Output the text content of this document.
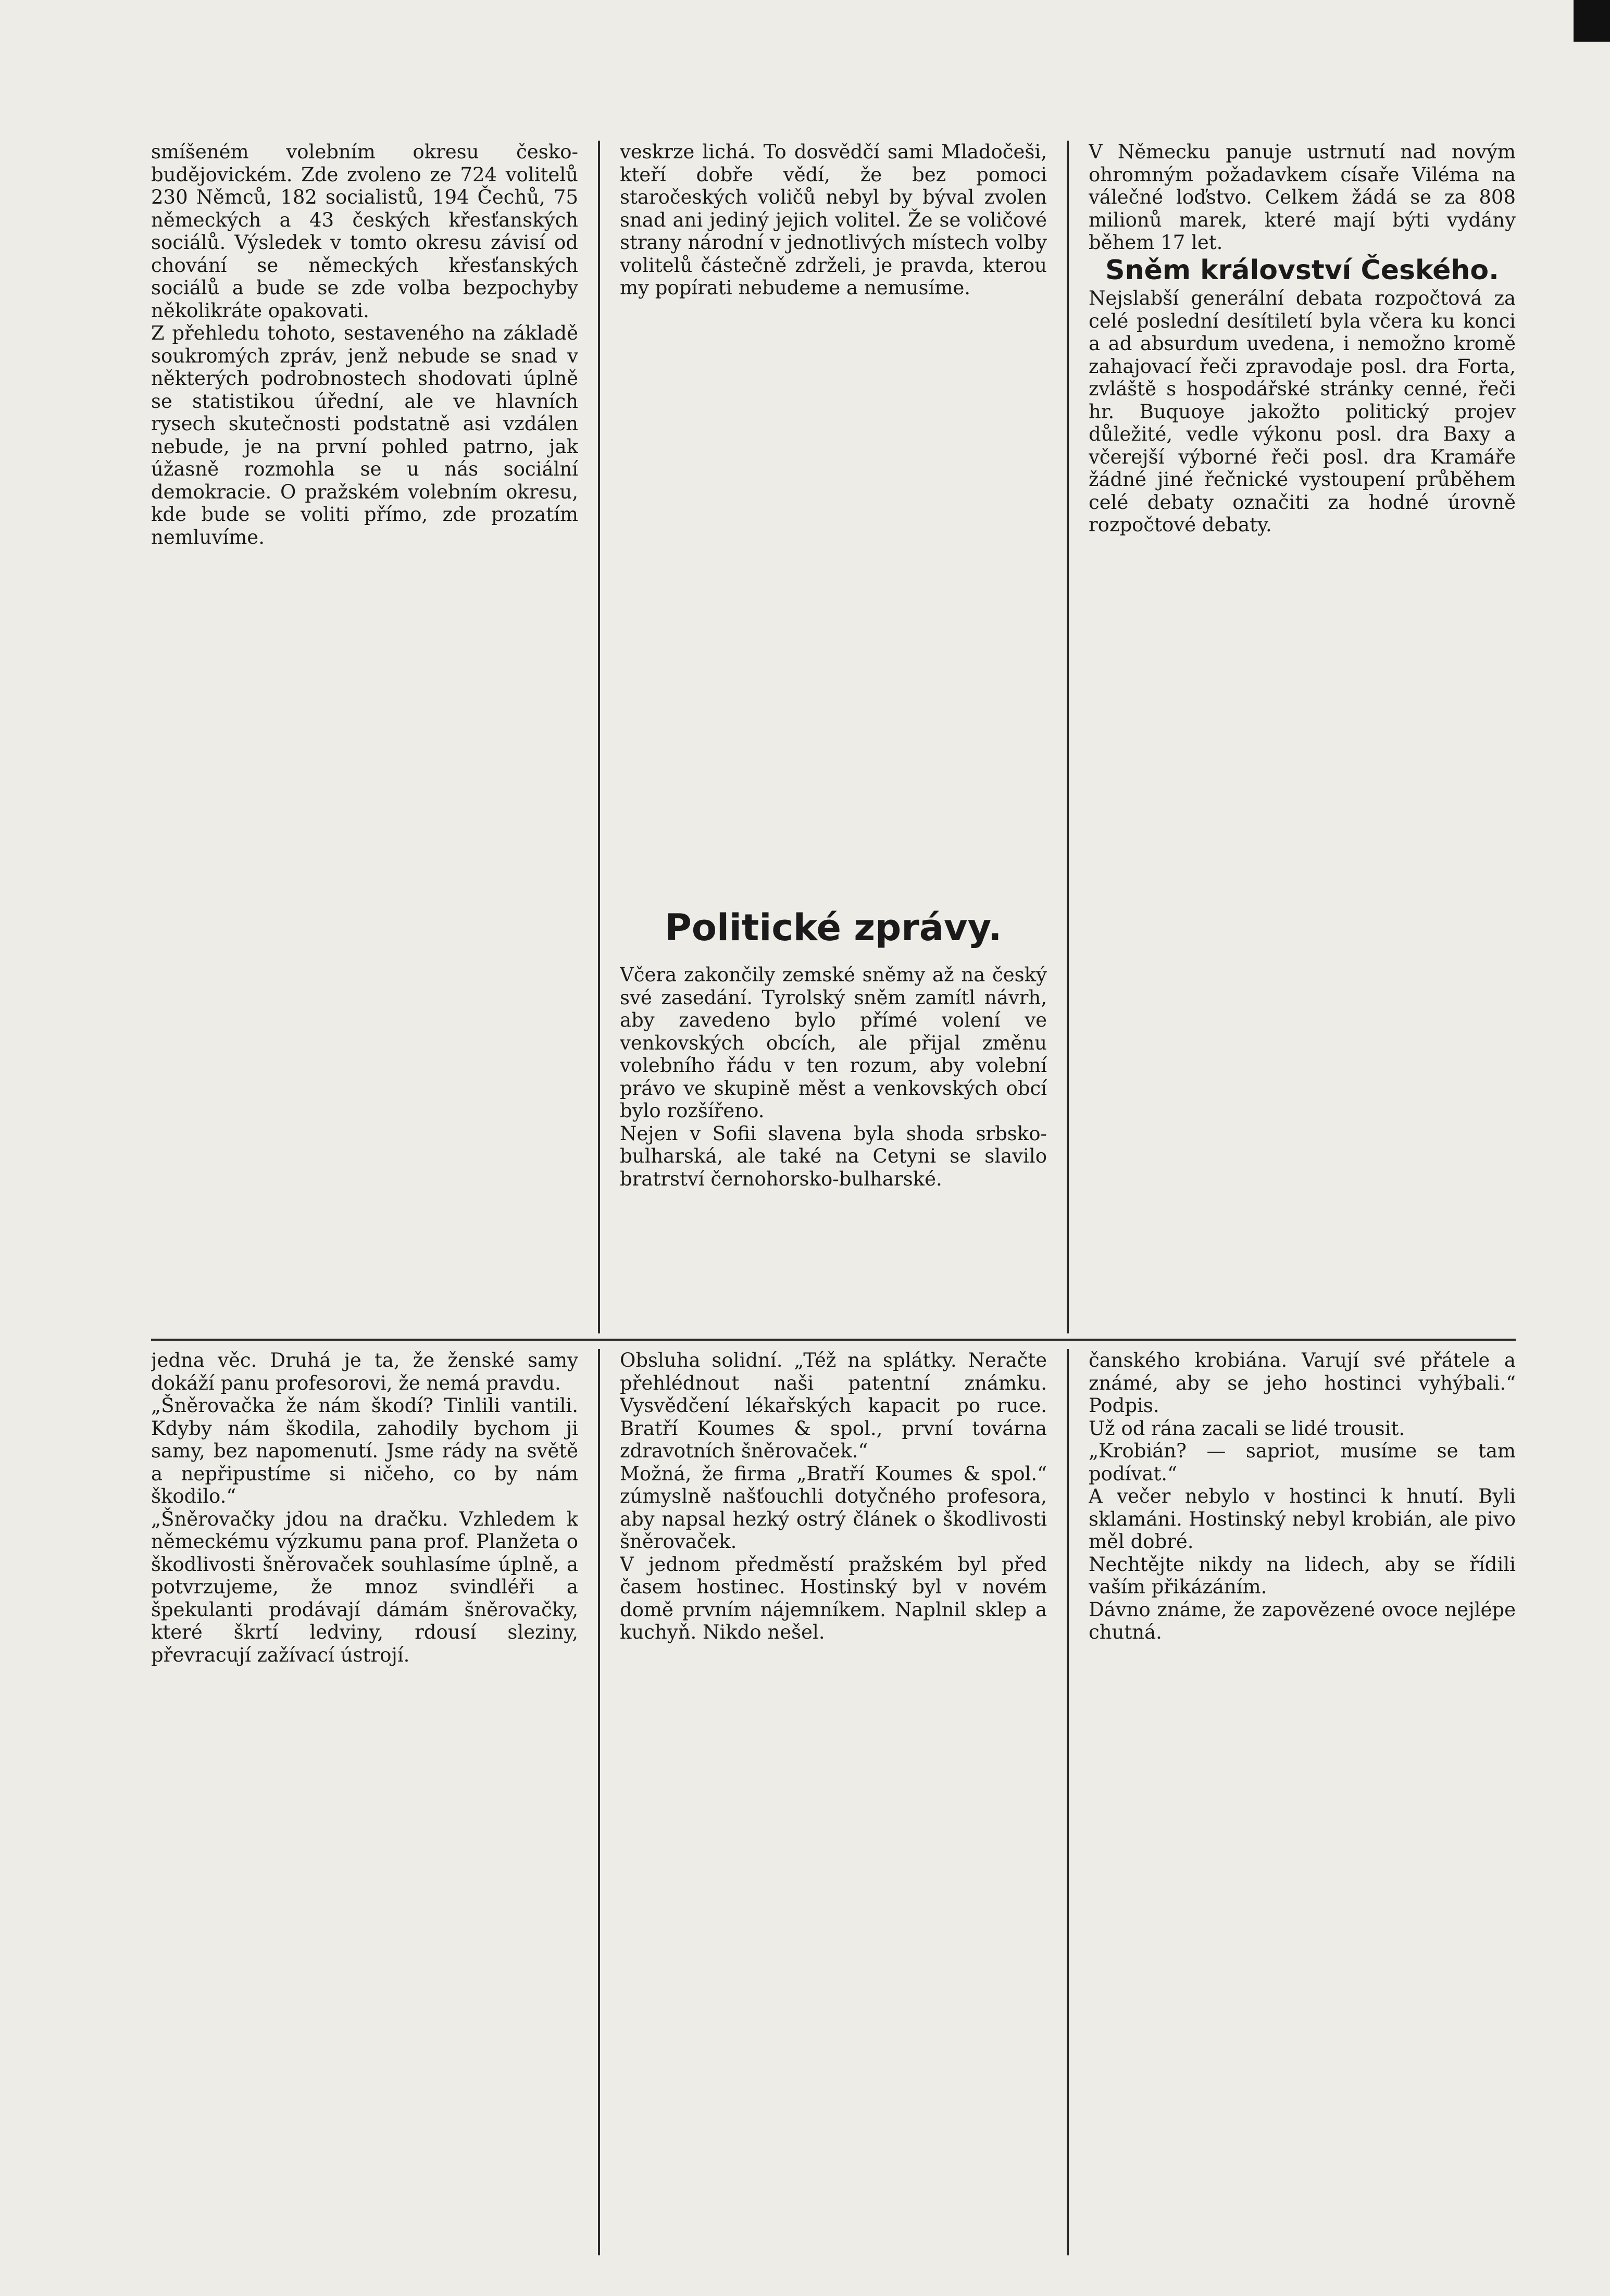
smíšeném volebním okresu česko-budějovickém. Zde zvoleno ze 724 volitelů 230 Němců, 182 socialistů, 194 Čechů, 75 německých a 43 českých křesťanských sociálů. Výsledek v tomto okresu závisí od chování se německých křesťanských sociálů a bude se zde volba bezpochyby několikráte opakovati.

Z přehledu tohoto, sestaveného na základě soukromých zpráv, jenž nebude se snad v některých podrobnostech shodovati úplně se statistikou úřední, ale ve hlavních rysech skutečnosti podstatně asi vzdálen nebude, je na první pohled patrno, jak úžasně rozmohla se u nás sociální demokracie. O pražském volebním okresu, kde bude se voliti přímo, zde prozatím nemluvíme.

veskrze lichá. To dosvědčí sami Mladočeši, kteří dobře vědí, že bez pomoci staročeských voličů nebyl by býval zvolen snad ani jediný jejich volitel. Že se voličové strany národní v jednotlivých místech volby volitelů částečně zdrželi, je pravda, kterou my popírati nebudeme a nemusíme.

V Německu panuje ustrnutí nad novým ohromným požadavkem císaře Viléma na válečné loďstvo. Celkem žádá se za 808 milionů marek, které mají býti vydány během 17 let.

Sněm království Českého.

Nejslabší generální debata rozpočtová za celé poslední desítiletí byla včera ku konci a ad absurdum uvedena, i nemožno kromě zahajovací řeči zpravodaje posl. dra Forta, zvláště s hospodářské stránky cenné, řeči hr. Buquoye jakožto politický projev důležité, vedle výkonu posl. dra Baxy a včerejší výborné řeči posl. dra Kramáře žádné jiné řečnické vystoupení průběhem celé debaty označiti za hodné úrovně rozpočtové debaty.

Politické zprávy.

Včera zakončily zemské sněmy až na český své zasedání. Tyrolský sněm zamítl návrh, aby zavedeno bylo přímé volení ve venkovských obcích, ale přijal změnu volebního řádu v ten rozum, aby volební právo ve skupině měst a venkovských obcí bylo rozšířeno.

Nejen v Sofii slavena byla shoda srbsko-bulharská, ale také na Cetyni se slavilo bratrství černohorsko-bulharské.

jedna věc. Druhá je ta, že ženské samy dokáží panu profesorovi, že nemá pravdu.

„Šněrovačka že nám škodí? Tinlili vantili. Kdyby nám škodila, zahodily bychom ji samy, bez napomenutí. Jsme rády na světě a nepřipustíme si ničeho, co by nám škodilo.“

„Šněrovačky jdou na dračku. Vzhledem k německému výzkumu pana prof. Planžeta o škodlivosti šněrovaček souhlasíme úplně, a potvrzujeme, že mnoz svindléři a špekulanti prodávají dámám šněrovačky, které škrtí ledviny, rdousí sleziny, převracují zažívací ústrojí.

Obsluha solidní. „Též na splátky. Neračte přehlédnout naši patentní známku. Vysvědčení lékařských kapacit po ruce. Bratří Koumes & spol., první továrna zdravotních šněrovaček.“

Možná, že firma „Bratří Koumes & spol.“ zúmyslně našťouchli dotyčného profesora, aby napsal hezký ostrý článek o škodlivosti šněrovaček.

V jednom předměstí pražském byl před časem hostinec. Hostinský byl v novém domě prvním nájemníkem. Naplnil sklep a kuchyň. Nikdo nešel.

čanského krobiána. Varují své přátele a známé, aby se jeho hostinci vyhýbali.“ Podpis.

Už od rána zacali se lidé trousit.

„Krobián? — sapriot, musíme se tam podívat.“

A večer nebylo v hostinci k hnutí. Byli sklamáni. Hostinský nebyl krobián, ale pivo měl dobré.

Nechtějte nikdy na lidech, aby se řídili vaším přikázáním.

Dávno známe, že zapovězené ovoce nejlépe chutná.
